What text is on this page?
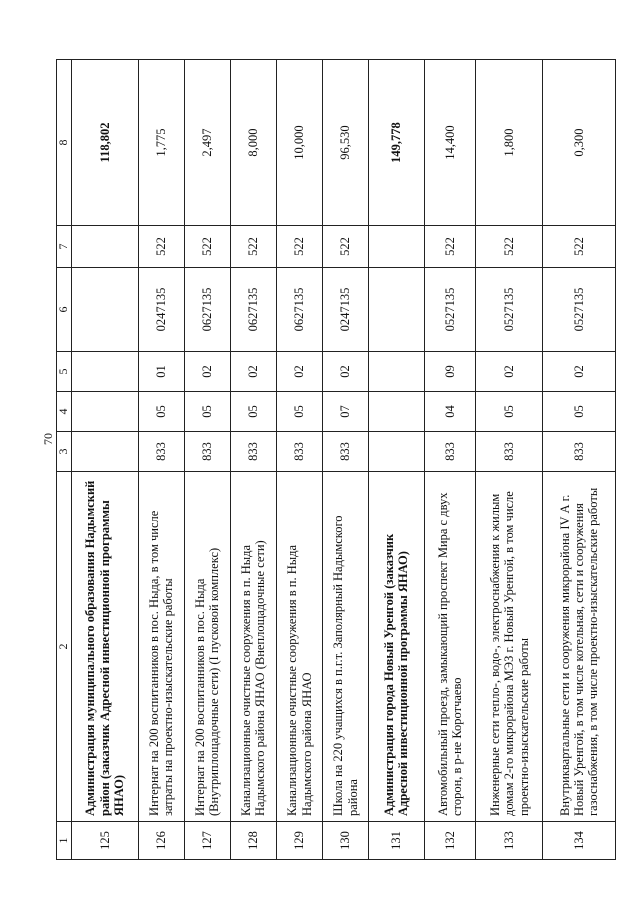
70
1	2	3	4	5	6	7	8
125	Администрация муниципального образования Надымский район (заказчик Адресной инвестиционной программы ЯНАО)						118,802
126	Интернат на 200 воспитанников в пос. Ныда, в том числе затраты на проектно-изыскательские работы	833	05	01	0247135	522	1,775
127	Интернат на 200 воспитанников в пос. Ныда (Внутриплощадочные сети) (I пусковой комплекс)	833	05	02	0627135	522	2,497
128	Канализационные очистные сооружения в п. Ныда Надымского района ЯНАО (Внеплощадочные сети)	833	05	02	0627135	522	8,000
129	Канализационные очистные сооружения в п. Ныда Надымского района ЯНАО	833	05	02	0627135	522	10,000
130	Школа на 220 учащихся в п.г.т. Заполярный Надымского района	833	07	02	0247135	522	96,530
131	Администрация города Новый Уренгой (заказчик Адресной инвестиционной программы ЯНАО)						149,778
132	Автомобильный проезд, замыкающий проспект Мира с двух сторон, в р-не Коротчаево	833	04	09	0527135	522	14,400
133	Инженерные сети тепло-, водо-, электроснабжения к жилым домам 2-го микрорайона МЭЗ г. Новый Уренгой, в том числе проектно-изыскательские работы	833	05	02	0527135	522	1,800
134	Внутриквартальные сети и сооружения микрорайона IV А г. Новый Уренгой, в том числе котельная, сети и сооружения газоснабжения, в том числе проектно-изыскательские работы	833	05	02	0527135	522	0,300
